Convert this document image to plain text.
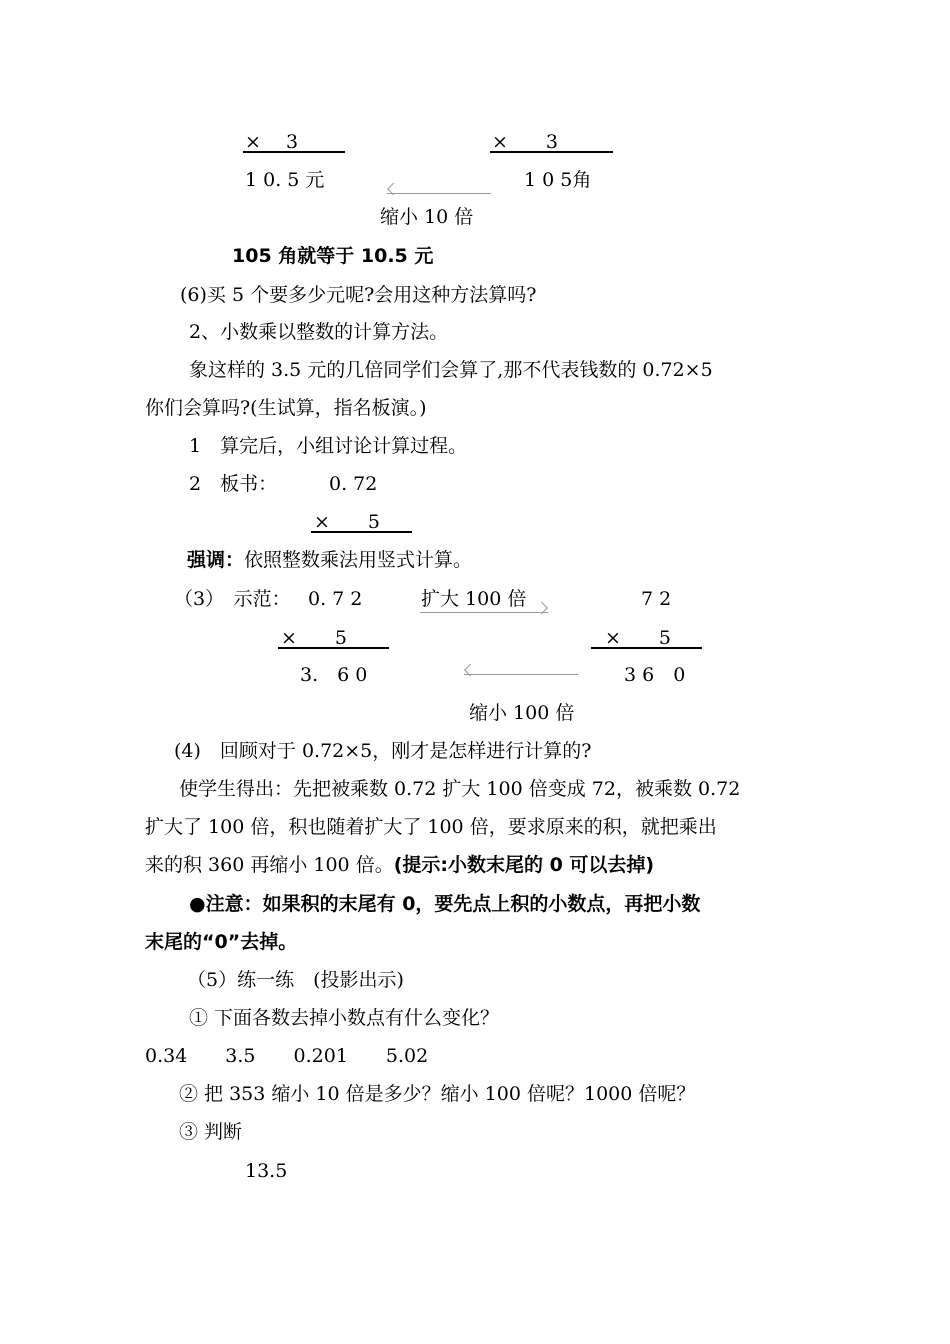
×　 3	×　　3
1 0. 5 元	1 0 5角
缩小 10 倍
105 角就等于 10.5 元
(6)买 5 个要多少元呢?会用这种方法算吗?
2、小数乘以整数的计算方法。
象这样的 3.5 元的几倍同学们会算了,那不代表钱数的 0.72×5
你们会算吗?(生试算，指名板演。)
1　算完后，小组讨论计算过程。
2　板书：	0. 72
×　　5
强调：依照整数乘法用竖式计算。
（3）　示范： 0. 7 2	扩大 100 倍	7 2
×　　5	×　　5
3.　6 0	3 6　0
缩小 100 倍
(4)　回顾对于 0.72×5，刚才是怎样进行计算的?
使学生得出：先把被乘数 0.72 扩大 100 倍变成 72，被乘数 0.72
扩大了 100 倍，积也随着扩大了 100 倍，要求原来的积，就把乘出
来的积 360 再缩小 100 倍。(提示:小数末尾的 0 可以去掉)
●注意：如果积的末尾有 0，要先点上积的小数点，再把小数
末尾的“0”去掉。
（5）练一练　(投影出示)
① 下面各数去掉小数点有什么变化？
0.34　　3.5　　0.201　　5.02
② 把 353 缩小 10 倍是多少？缩小 100 倍呢？1000 倍呢？
③ 判断
13.5
